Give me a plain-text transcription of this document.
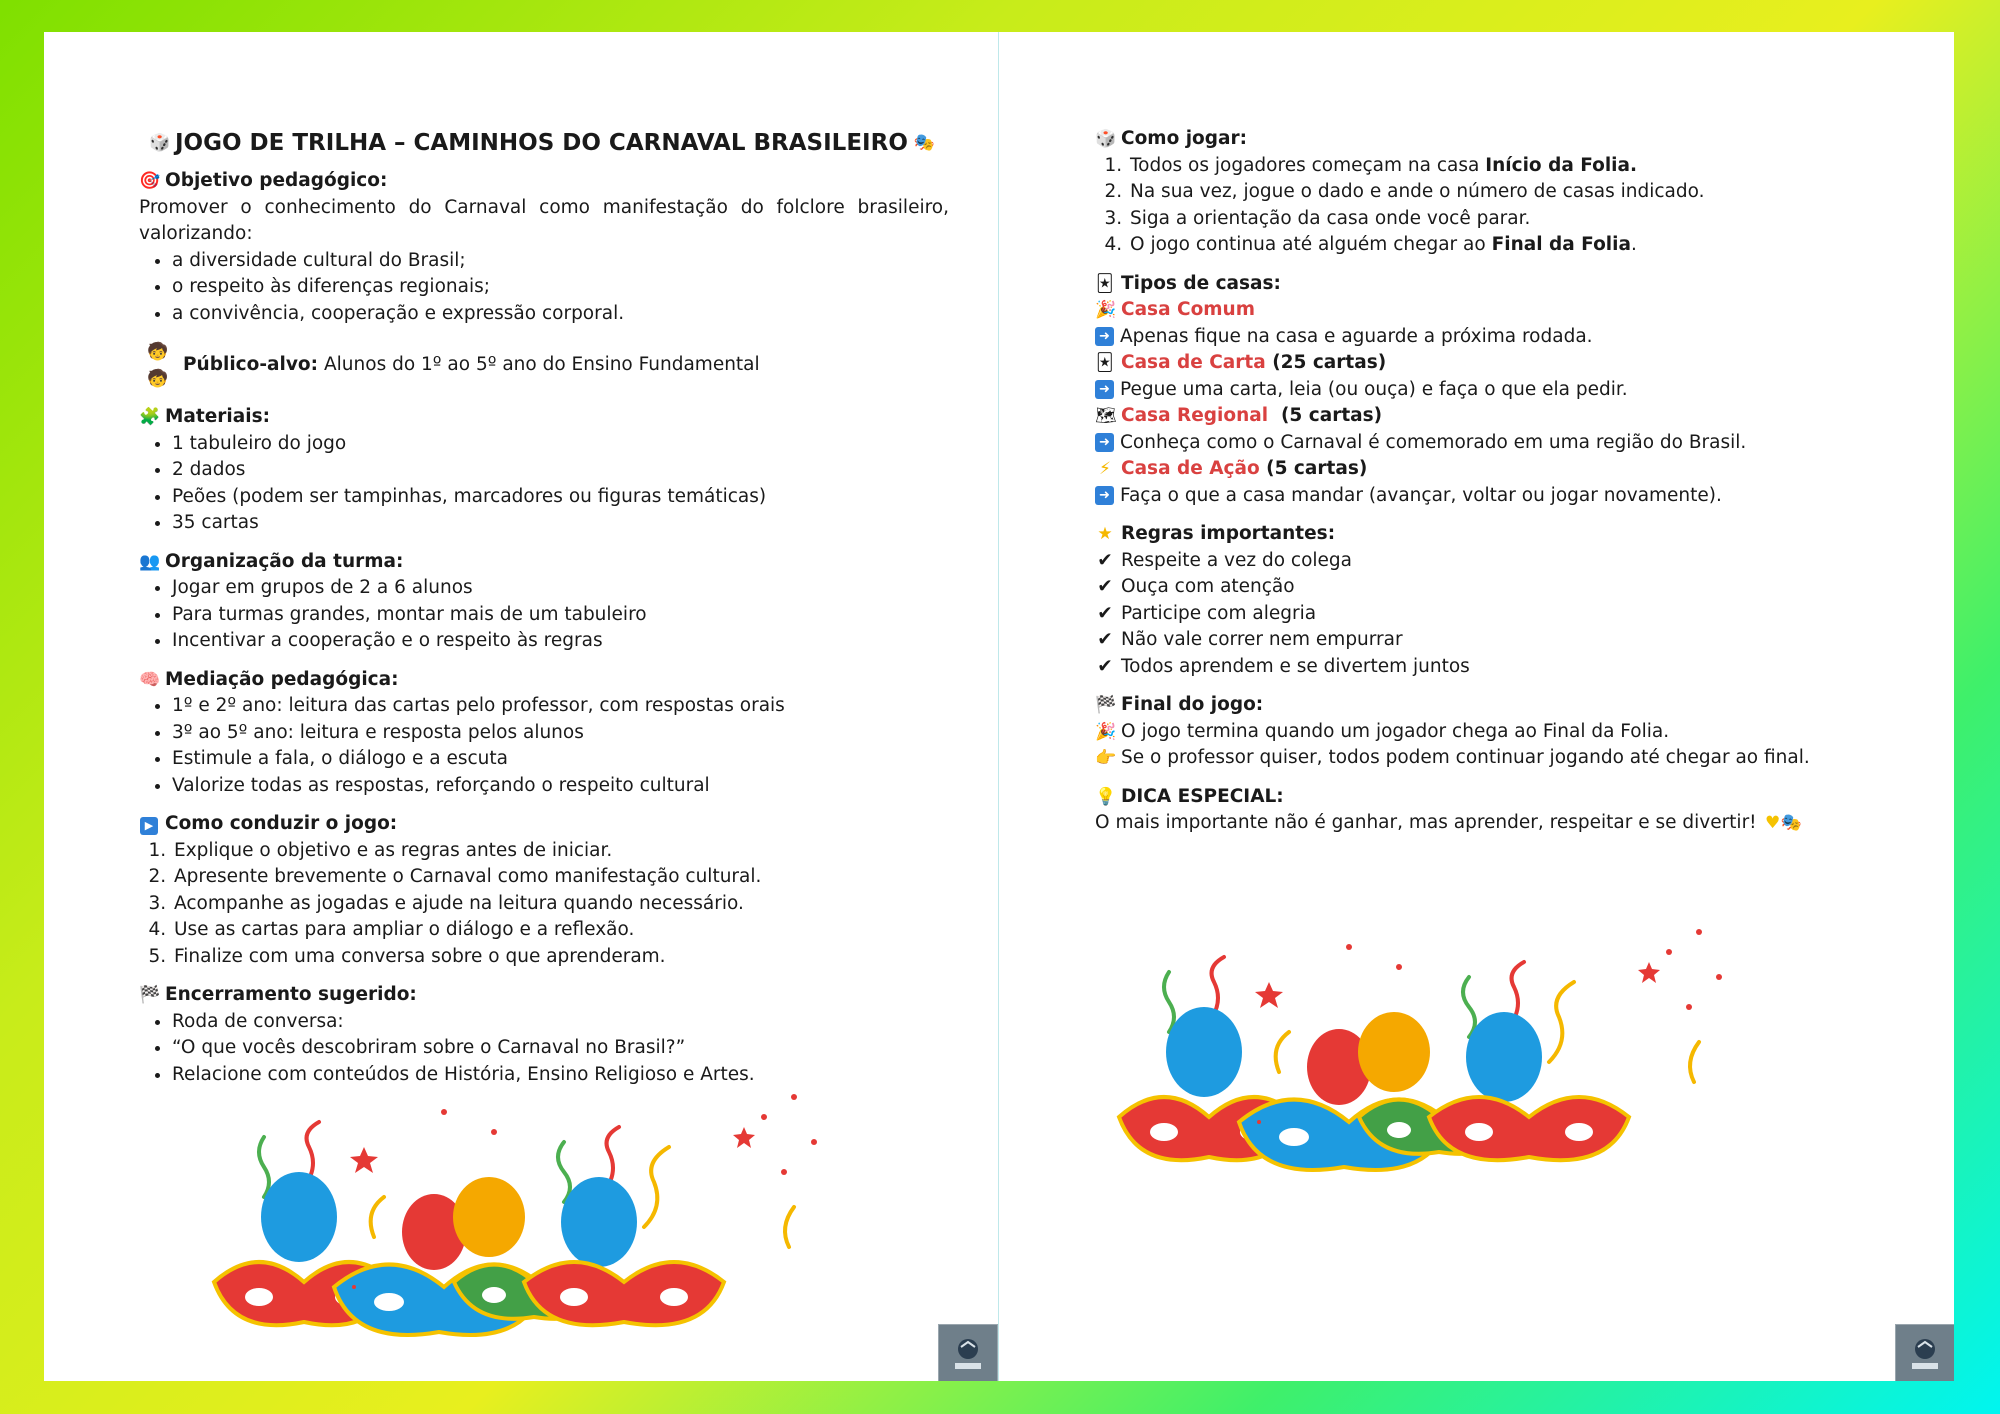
🎲 JOGO DE TRILHA – CAMINHOS DO CARNAVAL BRASILEIRO 🎭
🎯 Objetivo pedagógico:

Promover o conhecimento do Carnaval como manifestação do folclore brasileiro, valorizando:

• a diversidade cultural do Brasil;
• o respeito às diferenças regionais;
• a convivência, cooperação e expressão corporal.
🧒🧒
Público-alvo: Alunos do 1º ao 5º ano do Ensino Fundamental
🧩 Materiais:
• 1 tabuleiro do jogo
• 2 dados
• Peões (podem ser tampinhas, marcadores ou figuras temáticas)
• 35 cartas
👥 Organização da turma:
• Jogar em grupos de 2 a 6 alunos
• Para turmas grandes, montar mais de um tabuleiro
• Incentivar a cooperação e o respeito às regras
🧠 Mediação pedagógica:
• 1º e 2º ano: leitura das cartas pelo professor, com respostas orais
• 3º ao 5º ano: leitura e resposta pelos alunos
• Estimule a fala, o diálogo e a escuta
• Valorize todas as respostas, reforçando o respeito cultural
▶ Como conduzir o jogo:
1. Explique o objetivo e as regras antes de iniciar.
2. Apresente brevemente o Carnaval como manifestação cultural.
3. Acompanhe as jogadas e ajude na leitura quando necessário.
4. Use as cartas para ampliar o diálogo e a reflexão.
5. Finalize com uma conversa sobre o que aprenderam.
🏁 Encerramento sugerido:
• Roda de conversa:
• “O que vocês descobriram sobre o Carnaval no Brasil?”
• Relacione com conteúdos de História, Ensino Religioso e Artes.
🎲 Como jogar:
1. Todos os jogadores começam na casa Início da Folia.
2. Na sua vez, jogue o dado e ande o número de casas indicado.
3. Siga a orientação da casa onde você parar.
4. O jogo continua até alguém chegar ao Final da Folia.
🃏 Tipos de casas:
🎉 Casa Comum
➜ Apenas fique na casa e aguarde a próxima rodada.
🃏 Casa de Carta (25 cartas)
➜ Pegue uma carta, leia (ou ouça) e faça o que ela pedir.
🗺 Casa Regional  (5 cartas)
➜ Conheça como o Carnaval é comemorado em uma região do Brasil.
⚡ Casa de Ação (5 cartas)
➜ Faça o que a casa mandar (avançar, voltar ou jogar novamente).
★ Regras importantes:
✔ Respeite a vez do colega
✔ Ouça com atenção
✔ Participe com alegria
✔ Não vale correr nem empurrar
✔ Todos aprendem e se divertem juntos
🏁 Final do jogo:
🎉 O jogo termina quando um jogador chega ao Final da Folia.
👉 Se o professor quiser, todos podem continuar jogando até chegar ao final.
💡 DICA ESPECIAL:
O mais importante não é ganhar, mas aprender, respeitar e se divertir! ♥ 🎭
